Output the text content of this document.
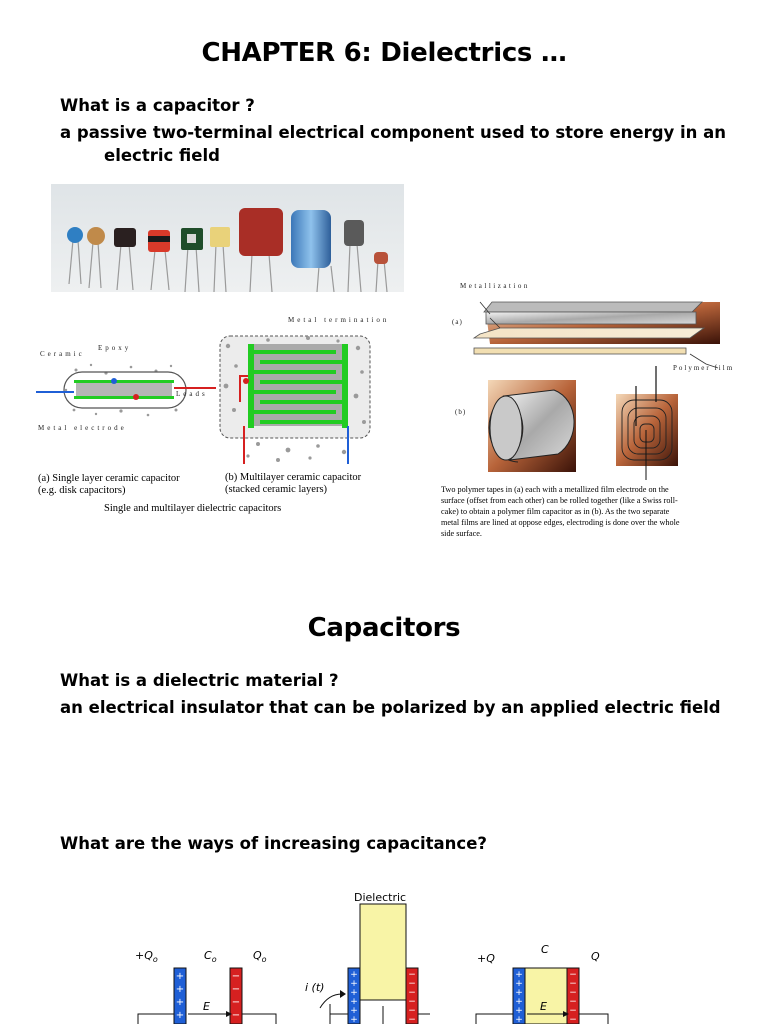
CHAPTER 6: Dielectrics …
What is a capacitor ?
a passive two-terminal electrical component used to store energy in an
electric field
Ceramic
Epoxy
Leads
Metal electrode
Metal termination
(a) Single layer ceramic capacitor
(e.g. disk capacitors)
(b) Multilayer ceramic capacitor
(stacked ceramic layers)
Single and multilayer dielectric capacitors
Metallization
(a)
Polymer film
(b)
Two polymer tapes in (a) each with a metallized film electrode on the
surface (offset from each other) can be rolled together (like a Swiss roll-
cake) to obtain a polymer film capacitor as in (b). As the two separate
metal films are lined at oppose edges, electroding is done over the whole
side surface.
Capacitors
What is a dielectric material ?
an electrical insulator that can be polarized by an applied electric field
What are the ways of increasing capacitance?
+
+
+
+
−
−
−
−
+
+
+
+
+
+
−
−
−
−
−
−
+
+
+
+
+
+
−
−
−
−
−
−
Dielectric
$+Q_o$	$C_o$	$Q_o$
E
i (t)
+Q
C
Q
E
